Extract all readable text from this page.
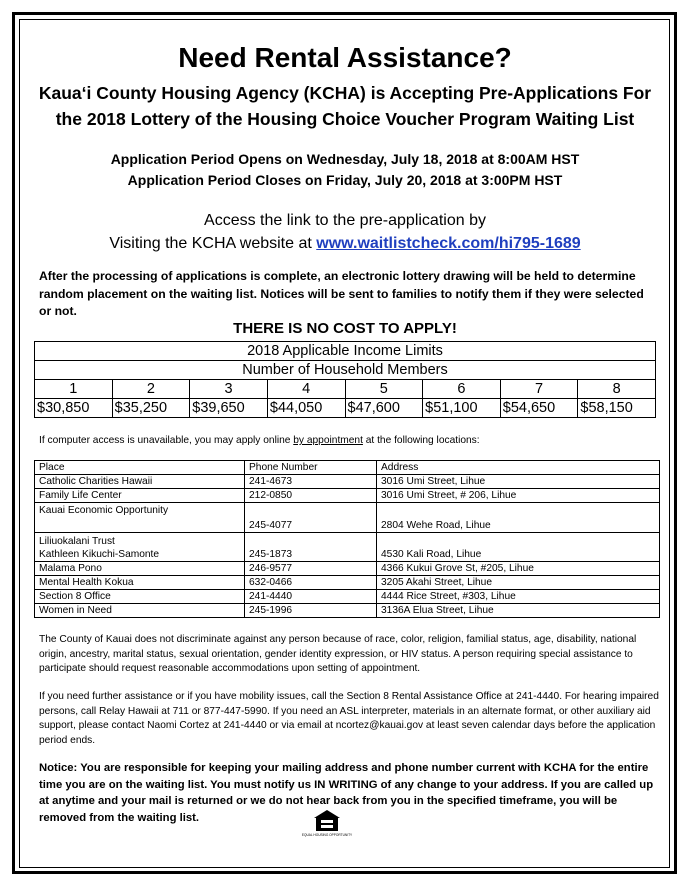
Need Rental Assistance?
Kaua‘i County Housing Agency (KCHA) is Accepting Pre-Applications For
the 2018 Lottery of the Housing Choice Voucher Program Waiting List
Application Period Opens on Wednesday, July 18, 2018 at 8:00AM HST
Application Period Closes on Friday, July 20, 2018 at 3:00PM HST
Access the link to the pre-application by
Visiting the KCHA website at www.waitlistcheck.com/hi795-1689
After the processing of applications is complete, an electronic lottery drawing will be held to determine random placement on the waiting list. Notices will be sent to families to notify them if they were selected or not.
THERE IS NO COST TO APPLY!
2018 Applicable Income Limits							
Number of Household Members							
1	2	3	4	5	6	7	8
$30,850	$35,250	$39,650	$44,050	$47,600	$51,100	$54,650	$58,150
If computer access is unavailable, you may apply online by appointment at the following locations:
Place	Phone Number	Address
Catholic Charities Hawaii	241-4673	3016 Umi Street, Lihue
Family Life Center	212-0850	3016 Umi Street, # 206, Lihue
Kauai Economic Opportunity	245-4077	2804 Wehe Road, Lihue

Liliuokalani Trust
Kathleen Kikuchi-Samonte	245-1873	4530 Kali Road, Lihue
Malama Pono	246-9577	4366 Kukui Grove St, #205, Lihue
Mental Health Kokua	632-0466	3205 Akahi Street, Lihue
Section 8 Office	241-4440	4444 Rice Street, #303, Lihue
Women in Need	245-1996	3136A Elua Street, Lihue
The County of Kauai does not discriminate against any person because of race, color, religion, familial status, age, disability, national origin, ancestry, marital status, sexual orientation, gender identity expression, or HIV status. A person requiring special assistance to participate should request reasonable accommodations upon setting of appointment.
If you need further assistance or if you have mobility issues, call the Section 8 Rental Assistance Office at 241-4440. For hearing impaired persons, call Relay Hawaii at 711 or 877-447-5990. If you need an ASL interpreter, materials in an alternate format, or other auxiliary aid support, please contact Naomi Cortez at 241-4440 or via email at ncortez@kauai.gov at least seven calendar days before the application period ends.
Notice: You are responsible for keeping your mailing address and phone number current with KCHA for the entire time you are on the waiting list. You must notify us IN WRITING of any change to your address. If you are called up at anytime and your mail is returned or we do not hear back from you in the specified timeframe, you will be removed from the waiting list.
EQUAL HOUSING OPPORTUNITY
